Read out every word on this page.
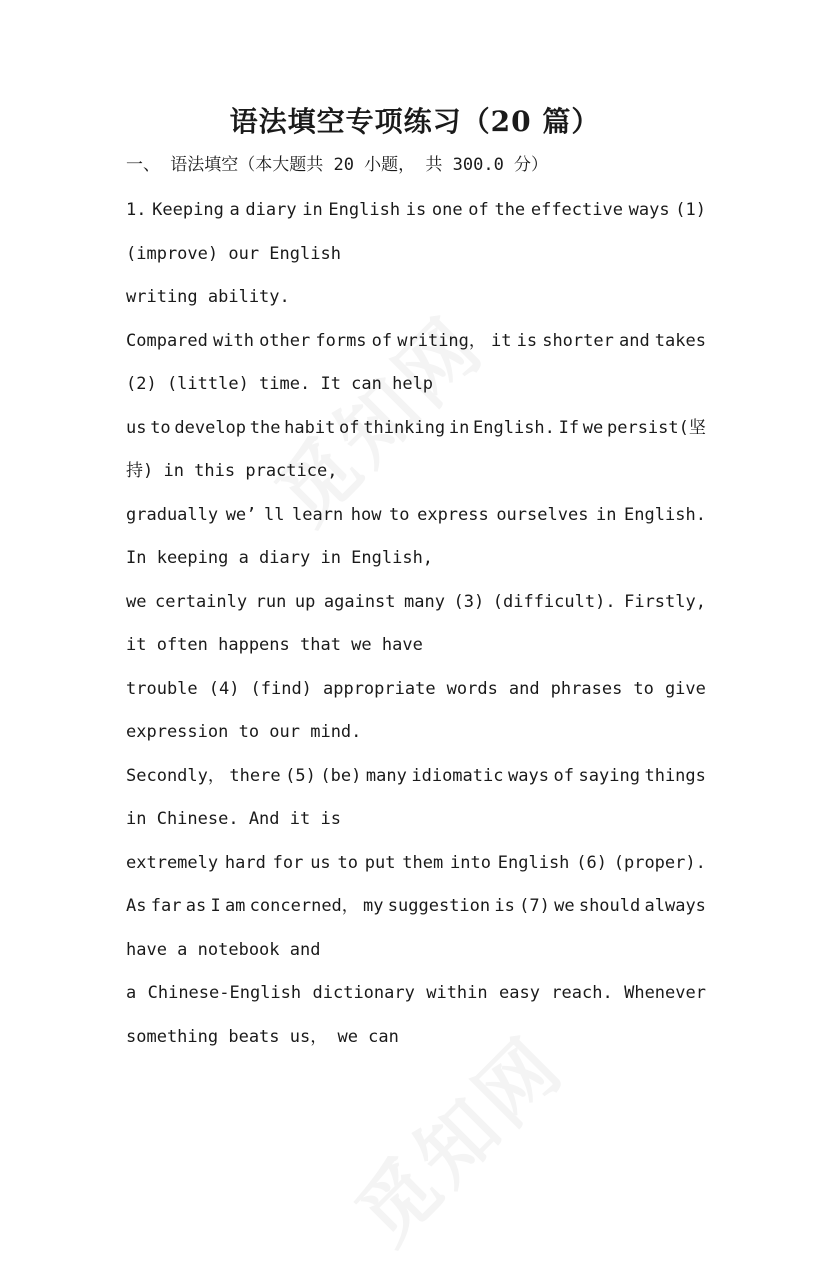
语法填空专项练习（20 篇）
一、 语法填空（本大题共 20 小题， 共 300.0 分）
1. Keeping a diary in English is one of the effective ways (1)
(improve) our English
writing ability.
Compared with other forms of writing， it is shorter and takes
(2) (little) time. It can help
us to develop the habit of thinking in English. If we persist(坚
持) in this practice,
gradually we’ ll learn how to express ourselves in English.
In keeping a diary in English,
we certainly run up against many (3) (difficult). Firstly,
it often happens that we have
trouble (4) (find) appropriate words and phrases to give
expression to our mind.
Secondly， there (5) (be) many idiomatic ways of saying things
in Chinese. And it is
extremely hard for us to put them into English (6) (proper).
As far as I am concerned， my suggestion is (7) we should always
have a notebook and
a Chinese-English dictionary within easy reach. Whenever
something beats us， we can
